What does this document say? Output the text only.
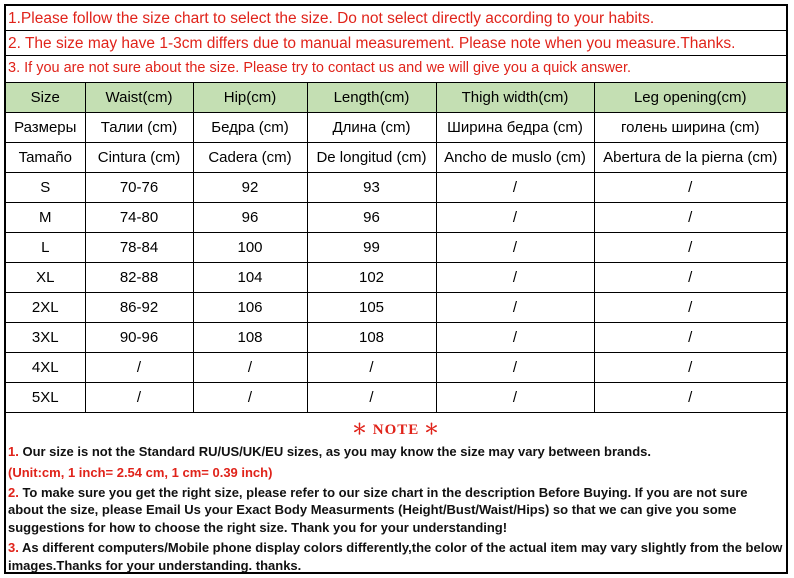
1.Please follow the size chart to select the size. Do not select directly according to your habits.
2. The size may have 1-3cm differs due to manual measurement. Please note when you measure.Thanks.
3. If you are not sure about the size. Please try to contact us and we will give you a quick answer.
Size	Waist(cm)	Hip(cm)	Length(cm)	Thigh width(cm)	Leg opening(cm)
Размеры	Талии (cm)	Бедра (cm)	Длина (cm)	Ширина бедра (cm)	голень ширина (cm)
Tamaño	Cintura (cm)	Cadera (cm)	De longitud (cm)	Ancho de muslo (cm)	Abertura de la pierna (cm)
S	70-76	92	93	/	/
M	74-80	96	96	/	/
L	78-84	100	99	/	/
XL	82-88	104	102	/	/
2XL	86-92	106	105	/	/
3XL	90-96	108	108	/	/
4XL	/	/	/	/	/
5XL	/	/	/	/	/
＊ NOTE ＊

1. Our size is not the Standard RU/US/UK/EU sizes, as you may know the size may vary between brands.

(Unit:cm, 1 inch= 2.54 cm, 1 cm= 0.39 inch)

2. To make sure you get the right size, please refer to our size chart in the description Before Buying. If you are not sure about the size, please Email Us your Exact Body Measurments (Height/Bust/Waist/Hips) so that we can give you some suggestions for how to choose the right size. Thank you for your understanding!

3. As different computers/Mobile phone display colors differently,the color of the actual item may vary slightly from the below images.Thanks for your understanding. thanks.
